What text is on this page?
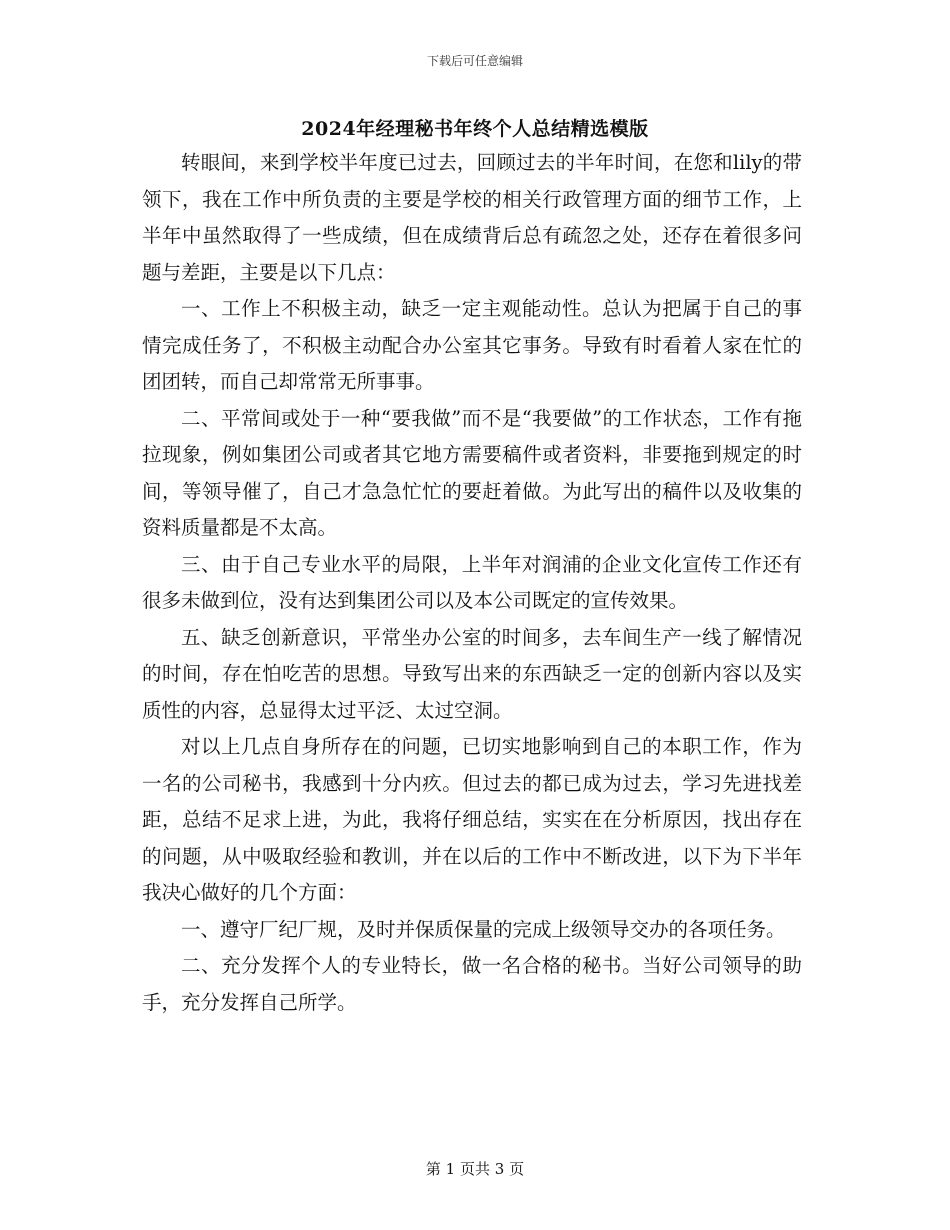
下载后可任意编辑
2024年经理秘书年终个人总结精选模版

转眼间，来到学校半年度已过去，回顾过去的半年时间，在您和lily的带领下，我在工作中所负责的主要是学校的相关行政管理方面的细节工作，上半年中虽然取得了一些成绩，但在成绩背后总有疏忽之处，还存在着很多问题与差距，主要是以下几点：

一、工作上不积极主动，缺乏一定主观能动性。总认为把属于自己的事情完成任务了，不积极主动配合办公室其它事务。导致有时看着人家在忙的团团转，而自己却常常无所事事。

二、平常间或处于一种“要我做”而不是“我要做”的工作状态，工作有拖拉现象，例如集团公司或者其它地方需要稿件或者资料，非要拖到规定的时间，等领导催了，自己才急急忙忙的要赶着做。为此写出的稿件以及收集的资料质量都是不太高。

三、由于自己专业水平的局限，上半年对润浦的企业文化宣传工作还有很多未做到位，没有达到集团公司以及本公司既定的宣传效果。

五、缺乏创新意识，平常坐办公室的时间多，去车间生产一线了解情况的时间，存在怕吃苦的思想。导致写出来的东西缺乏一定的创新内容以及实质性的内容，总显得太过平泛、太过空洞。

对以上几点自身所存在的问题，已切实地影响到自己的本职工作，作为一名的公司秘书，我感到十分内疚。但过去的都已成为过去，学习先进找差距，总结不足求上进，为此，我将仔细总结，实实在在分析原因，找出存在的问题，从中吸取经验和教训，并在以后的工作中不断改进，以下为下半年我决心做好的几个方面：

一、遵守厂纪厂规，及时并保质保量的完成上级领导交办的各项任务。

二、充分发挥个人的专业特长，做一名合格的秘书。当好公司领导的助手，充分发挥自己所学。

第 1 页共 3 页
